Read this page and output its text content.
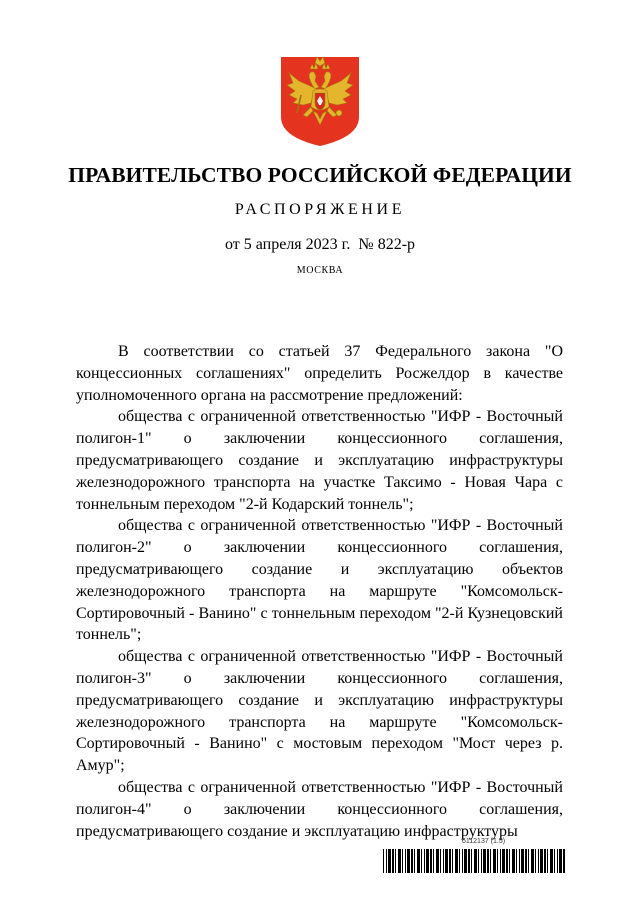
ПРАВИТЕЛЬСТВО РОССИЙСКОЙ ФЕДЕРАЦИИ
РАСПОРЯЖЕНИЕ
от 5 апреля 2023 г.  № 822-р
МОСКВА

В соответствии со статьей 37 Федерального закона "О концессионных соглашениях" определить Росжелдор в качестве уполномоченного органа на рассмотрение предложений:

общества с ограниченной ответственностью "ИФР - Восточный полигон-1" о заключении концессионного соглашения, предусматривающего создание и эксплуатацию инфраструктуры железнодорожного транспорта на участке Таксимо - Новая Чара с тоннельным переходом "2-й Кодарский тоннель";

общества с ограниченной ответственностью "ИФР - Восточный полигон-2" о заключении концессионного соглашения, предусматривающего создание и эксплуатацию объектов железнодорожного транспорта на маршруте "Комсомольск-Сортировочный - Ванино" с тоннельным переходом "2-й Кузнецовский тоннель";

общества с ограниченной ответственностью "ИФР - Восточный полигон-3" о заключении концессионного соглашения, предусматривающего создание и эксплуатацию инфраструктуры железнодорожного транспорта на маршруте "Комсомольск-Сортировочный - Ванино" с мостовым переходом "Мост через р. Амур";

общества с ограниченной ответственностью "ИФР - Восточный полигон-4" о заключении концессионного соглашения, предусматривающего создание и эксплуатацию инфраструктуры

6112137 (1.5)
